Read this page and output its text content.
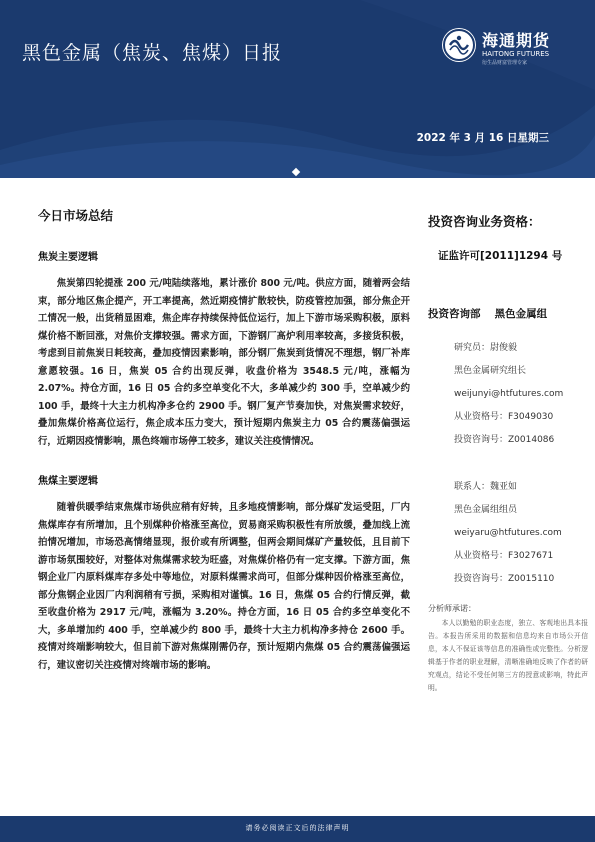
黑色金属（焦炭、焦煤）日报
海通期货
HAITONG FUTURES
衍生品财富管理专家
2022 年 3 月 16 日星期三
今日市场总结
焦炭主要逻辑

焦炭第四轮提涨 200 元/吨陆续落地，累计涨价 800 元/吨。供应方面，随着两会结束，部分地区焦企提产，开工率提高，然近期疫情扩散较快，防疫管控加强，部分焦企开工情况一般，出货稍显困难，焦企库存持续保持低位运行，加上下游市场采购积极，原料煤价格不断回涨，对焦价支撑较强。需求方面，下游钢厂高炉利用率较高，多接货积极，考虑到目前焦炭日耗较高，叠加疫情因素影响，部分钢厂焦炭到货情况不理想，钢厂补库意愿较强。16 日，焦炭 05 合约出现反弹，收盘价格为 3548.5 元/吨，涨幅为 2.07%。持仓方面，16 日 05 合约多空单变化不大，多单减少约 300 手，空单减少约 100 手，最终十大主力机构净多仓约 2900 手。钢厂复产节奏加快，对焦炭需求较好，叠加焦煤价格高位运行，焦企成本压力变大，预计短期内焦炭主力 05 合约震荡偏强运行，近期因疫情影响，黑色终端市场停工较多，建议关注疫情情况。

焦煤主要逻辑

随着供暖季结束焦煤市场供应稍有好转，且多地疫情影响，部分煤矿发运受阻，厂内焦煤库存有所增加，且个别煤种价格涨至高位，贸易商采购积极性有所放缓，叠加线上流拍情况增加，市场恐高情绪显现，报价或有所调整，但两会期间煤矿产量较低，且目前下游市场氛围较好，对整体对焦煤需求较为旺盛，对焦煤价格仍有一定支撑。下游方面，焦钢企业厂内原料煤库存多处中等地位，对原料煤需求尚可，但部分煤种因价格涨至高位，部分焦钢企业因厂内利润稍有亏损，采购相对谨慎。16 日，焦煤 05 合约行情反弹，截至收盘价格为 2917 元/吨，涨幅为 3.20%。持仓方面，16 日 05 合约多空单变化不大，多单增加约 400 手，空单减少约 800 手，最终十大主力机构净多持仓 2600 手。疫情对终端影响较大，但目前下游对焦煤刚需仍存，预计短期内焦煤 05 合约震荡偏强运行，建议密切关注疫情对终端市场的影响。

投资咨询业务资格：
证监许可[2011]1294 号
投资咨询部　 黑色金属组
研究员：尉俊毅
黑色金属研究组长
weijunyi@htfutures.com
从业资格号：F3049030
投资咨询号：Z0014086
联系人：魏亚如
黑色金属组组员
weiyaru@htfutures.com
从业资格号：F3027671
投资咨询号：Z0015110
分析师承诺：
本人以勤勉的职业态度，独立、客观地出具本报告。本报告所采用的数据和信息均来自市场公开信息，本人不保证该等信息的准确性或完整性。分析逻辑基于作者的职业理解，清晰准确地反映了作者的研究观点，结论不受任何第三方的授意或影响，特此声明。
请务必阅读正文后的法律声明
